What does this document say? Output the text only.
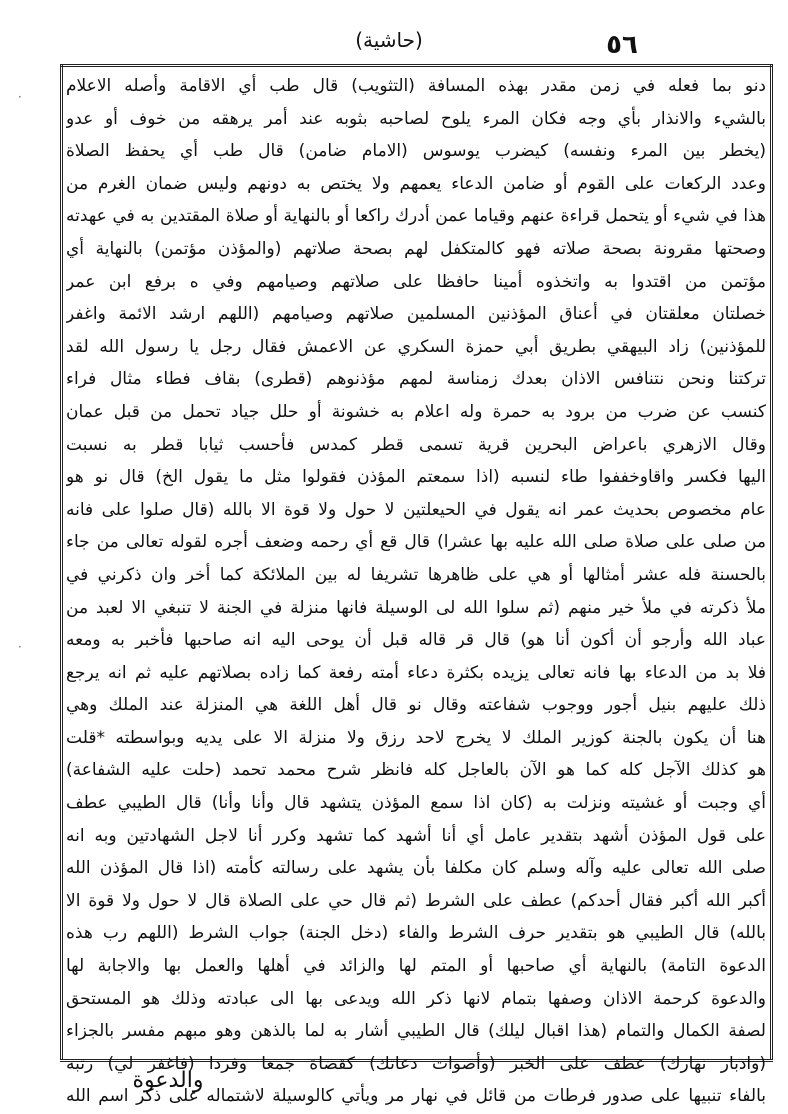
(حاشية)	٥٦
دنو بما فعله في زمن مقدر بهذه المسافة (التثويب) قال طب أي الاقامة وأصله الاعلام
بالشيء والانذار بأي وجه فكان المرء يلوح لصاحبه بثوبه عند أمر يرهقه من خوف أو عدو
(يخطر بين المرء ونفسه) كيضرب يوسوس (الامام ضامن) قال طب أي يحفظ الصلاة
وعدد الركعات على القوم أو ضامن الدعاء يعمهم ولا يختص به دونهم وليس ضمان الغرم من
هذا في شيء أو يتحمل قراءة عنهم وقياما عمن أدرك راكعا أو بالنهاية أو صلاة المقتدين به في عهدته
وصحتها مقرونة بصحة صلاته فهو كالمتكفل لهم بصحة صلاتهم (والمؤذن مؤتمن) بالنهاية أي
مؤتمن من اقتدوا به واتخذوه أمينا حافظا على صلاتهم وصيامهم وفي ه برفع ابن عمر
خصلتان معلقتان في أعناق المؤذنين المسلمين صلاتهم وصيامهم (اللهم ارشد الائمة واغفر
للمؤذنين) زاد البيهقي بطريق أبي حمزة السكري عن الاعمش فقال رجل يا رسول الله لقد
تركتنا ونحن نتنافس الاذان بعدك زمناسة لمهم مؤذنوهم (قطرى) بقاف فطاء مثال فراء
كنسب عن ضرب من برود به حمرة وله اعلام به خشونة أو حلل جياد تحمل من قبل عمان
وقال الازهري باعراض البحرين قرية تسمى قطر كمدس فأحسب ثيابا قطر به نسبت
اليها فكسر واقاوخففوا طاء لنسبه (اذا سمعتم المؤذن فقولوا مثل ما يقول الخ) قال نو هو
عام مخصوص بحديث عمر انه يقول في الحيعلتين لا حول ولا قوة الا بالله (قال صلوا على فانه
من صلى على صلاة صلى الله عليه بها عشرا) قال قع أي رحمه وضعف أجره لقوله تعالى من جاء
بالحسنة فله عشر أمثالها أو هي على ظاهرها تشريفا له بين الملائكة كما أخر وان ذكرني في
ملأ ذكرته في ملأ خير منهم (ثم سلوا الله لى الوسيلة فانها منزلة في الجنة لا تنبغي الا لعبد من
عباد الله وأرجو أن أكون أنا هو) قال قر قاله قبل أن يوحى اليه انه صاحبها فأخبر به ومعه
فلا بد من الدعاء بها فانه تعالى يزيده بكثرة دعاء أمته رفعة كما زاده بصلاتهم عليه ثم انه يرجع
ذلك عليهم بنيل أجور ووجوب شفاعته وقال نو قال أهل اللغة هي المنزلة عند الملك وهي
هنا أن يكون بالجنة كوزير الملك لا يخرج لاحد رزق ولا منزلة الا على يديه وبواسطته *قلت
هو كذلك الآجل كله كما هو الآن بالعاجل كله فانظر شرح محمد تحمد (حلت عليه الشفاعة)
أي وجبت أو غشيته ونزلت به (كان اذا سمع المؤذن يتشهد قال وأنا وأنا) قال الطيبي عطف
على قول المؤذن أشهد بتقدير عامل أي أنا أشهد كما تشهد وكرر أنا لاجل الشهادتين وبه انه
صلى الله تعالى عليه وآله وسلم كان مكلفا بأن يشهد على رسالته كأمته (اذا قال المؤذن الله
أكبر الله أكبر فقال أحدكم) عطف على الشرط (ثم قال حي على الصلاة قال لا حول ولا قوة الا
بالله) قال الطيبي هو بتقدير حرف الشرط والفاء (دخل الجنة) جواب الشرط (اللهم رب هذه
الدعوة التامة) بالنهاية أي صاحبها أو المتم لها والزائد في أهلها والعمل بها والاجابة لها
والدعوة كرحمة الاذان وصفها بتمام لانها ذكر الله ويدعى بها الى عبادته وذلك هو المستحق
لصفة الكمال والتمام (هذا اقبال ليلك) قال الطيبي أشار به لما بالذهن وهو مبهم مفسر بالجزاء
(وادبار نهارك) عطف على الخبر (وأصوات دعاتك) كقضاة جمعا وفردا (فاغفر لي) رتبه
بالفاء تنبيها على صدور فرطات من قائل في نهار مر ويأتي كالوسيلة لاشتماله على ذكر اسم الله
والدعوة
·
·
